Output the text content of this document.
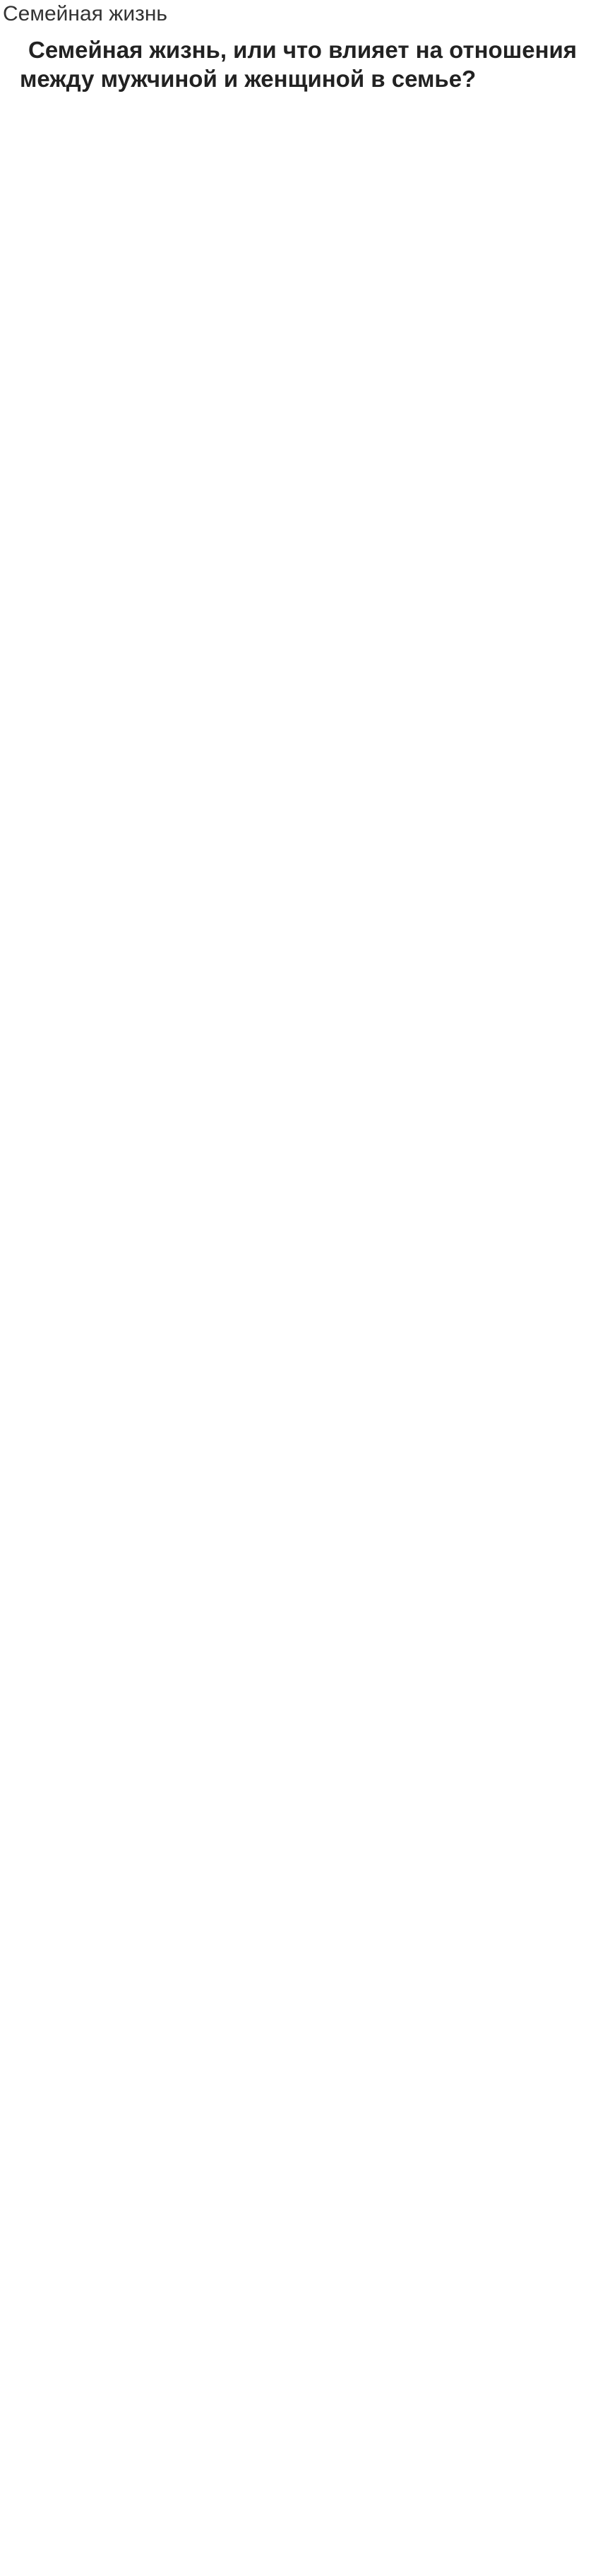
Семейная жизнь
Семейная жизнь, или что влияет на отношения между мужчиной и женщиной в семье?
